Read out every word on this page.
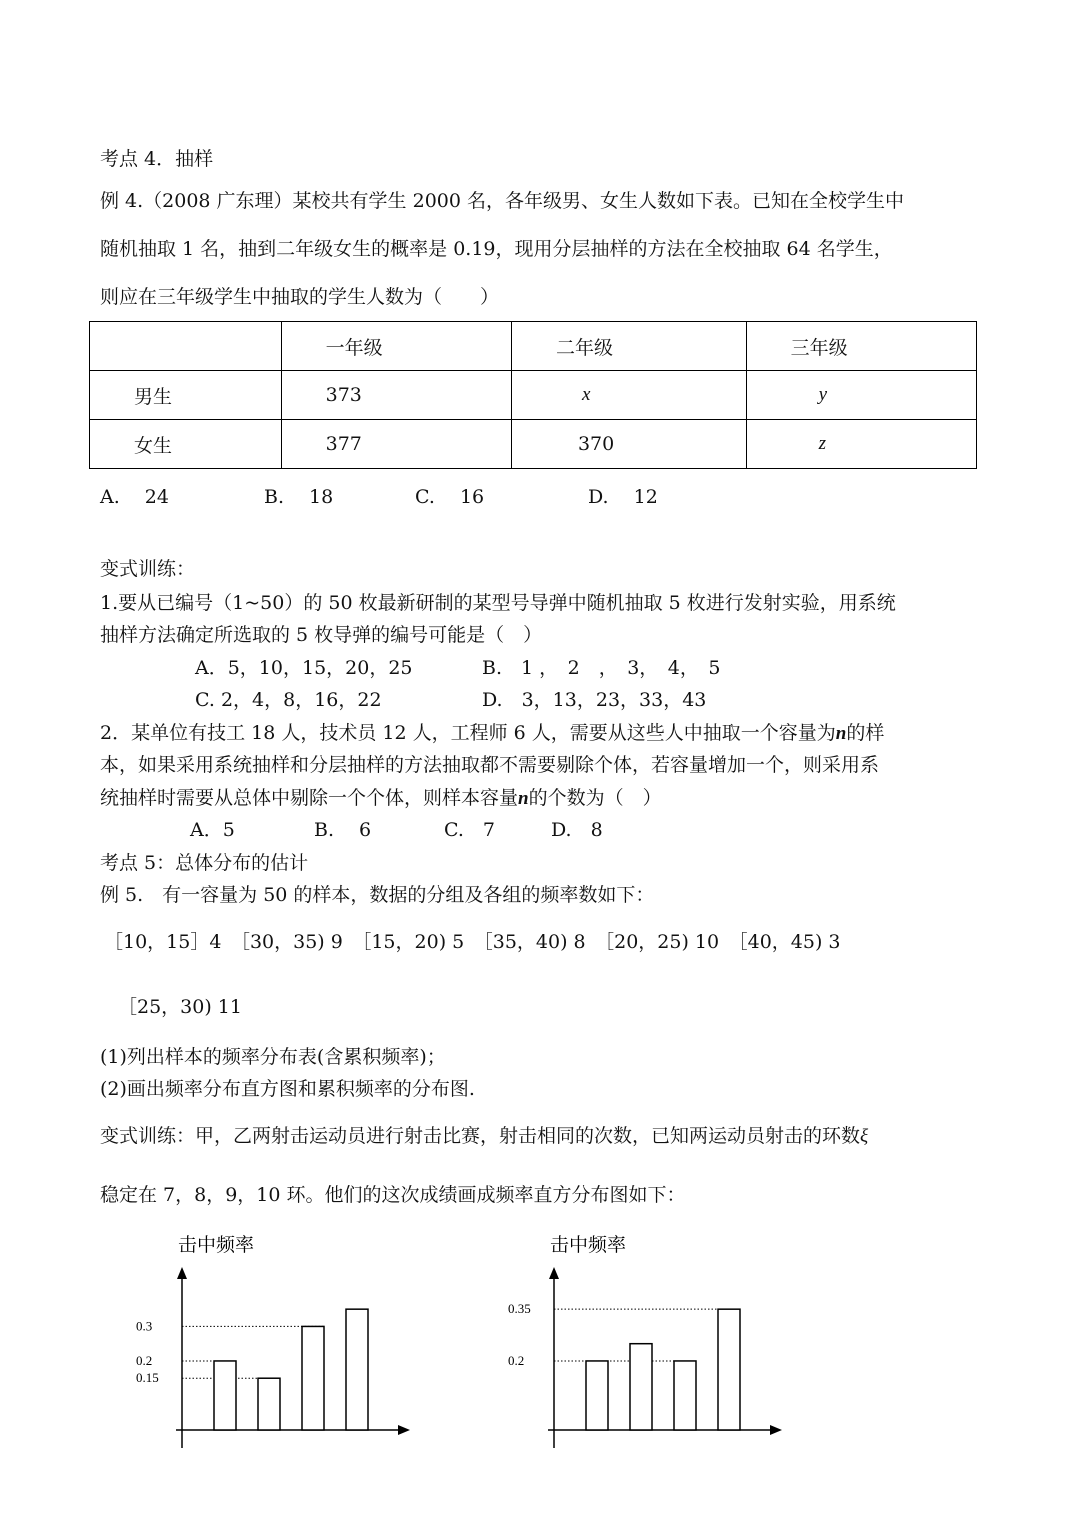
考点 4．抽样
例 4.（2008 广东理）某校共有学生 2000 名，各年级男、女生人数如下表。已知在全校学生中
随机抽取 1 名，抽到二年级女生的概率是 0.19，现用分层抽样的方法在全校抽取 64 名学生，
则应在三年级学生中抽取的学生人数为（　　）
	一年级	二年级	三年级
男生	373	x	y
女生	377	370	z
A.　 24	B.　 18	C.　 16	D.　 12
变式训练：
1.要从已编号（1~50）的 50 枚最新研制的某型号导弹中随机抽取 5 枚进行发射实验，用系统
抽样方法确定所选取的 5 枚导弹的编号可能是（　）
A．5，10，15，20，25	B.　1 ，　2　，　3，　4，　5
C. 2，4，8，16，22	D.　3，13，23，33，43
2．某单位有技工 18 人，技术员 12 人，工程师 6 人，需要从这些人中抽取一个容量为n的样
本，如果采用系统抽样和分层抽样的方法抽取都不需要剔除个体，若容量增加一个，则采用系
统抽样时需要从总体中剔除一个个体，则样本容量n的个数为（　）
A．5	B.　 6	C.　7	D.　8
考点 5：总体分布的估计
例 5.　有一容量为 50 的样本，数据的分组及各组的频率数如下：
［10，15］4　［30，35) 9　［15，20) 5　［35，40) 8　［20，25) 10　［40，45) 3
［25，30) 11
(1)列出样本的频率分布表(含累积频率)；
(2)画出频率分布直方图和累积频率的分布图.
变式训练：甲，乙两射击运动员进行射击比赛，射击相同的次数，已知两运动员射击的环数ξ
稳定在 7，8，9，10 环。他们的这次成绩画成频率直方分布图如下：
击中频率
0.3
0.2
0.15
击中频率
0.35
0.2
